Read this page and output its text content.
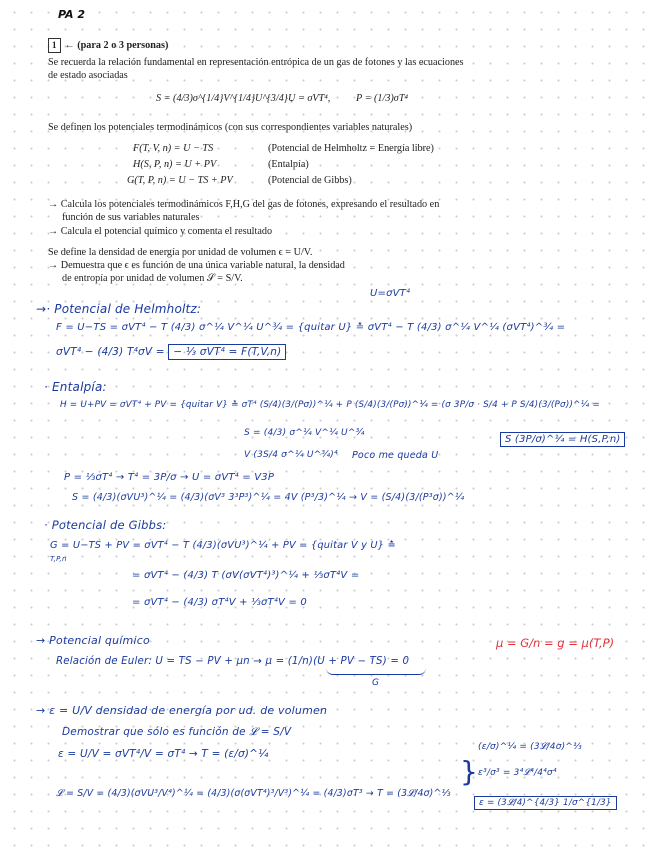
PA 2
1 ← (para 2 o 3 personas)
Se recuerda la relación fundamental en representación entrópica de un gas de fotones y las ecuaciones
de estado asociadas
S = (4/3)σ^{1/4}V^{1/4}U^{3/4} ,
U = σVT⁴,	P = (1/3)σT⁴
Se definen los potenciales termodinámicos (con sus correspondientes variables naturales)
F(T, V, n) = U − TS	(Potencial de Helmholtz = Energía libre)
H(S, P, n) = U + PV	(Entalpía)
G(T, P, n) = U − TS + PV	(Potencial de Gibbs)
→ Calcula los potenciales termodinámicos F,H,G del gas de fotones, expresando el resultado en
función de sus variables naturales
→ Calcula el potencial químico y comenta el resultado
Se define la densidad de energía por unidad de volumen ϵ = U/V.
→ Demuestra que ϵ es función de una única variable natural, la densidad
de entropía por unidad de volumen 𝒮 = S/V.
U=σVT⁴
→· Potencial de Helmholtz:
F = U−TS = σVT⁴ − T (4/3) σ^¼ V^¼ U^¾ = {quitar U} ≛ σVT⁴ − T (4/3) σ^¼ V^¼ (σVT⁴)^¾ =
σVT⁴ − (4/3) T⁴σV = − ⅓ σVT⁴ = F(T,V,n)
· Entalpía:
H = U+PV = σVT⁴ + PV = {quitar V} ≛ σT⁴ (S/4)(3/(Pσ))^¼ + P (S/4)(3/(Pσ))^¼ = (σ 3P/σ · S/4 + P S/4)(3/(Pσ))^¼ =
S = (4/3) σ^¼ V^¼ U^¾
V (3S/4 σ^¼ U^¾)⁴ Poco me queda U
S (3P/σ)^¼ = H(S,P,n)
P = ⅓σT⁴ → T⁴ = 3P/σ → U = σVT⁴ = V3P
S = (4/3)(σVU³)^¼ = (4/3)(σV³ 3³P³)^¼ = 4V (P³/3)^¼ → V = (S/4)(3/(P³σ))^¼
· Potencial de Gibbs:
G = U−TS + PV = σVT⁴ − T (4/3)(σVU³)^¼ + PV = {quitar V y U} ≛
T,P,n
= σVT⁴ − (4/3) T (σV(σVT⁴)³)^¼ + ⅓σT⁴V =
= σVT⁴ − (4/3) σT⁴V + ⅓σT⁴V = 0
→ Potencial químico	μ = G/n = g = μ(T,P)
Relación de Euler: U = TS − PV + μn → μ = (1/n)(U + PV − TS) = 0
G
→ ε = U/V densidad de energía por ud. de volumen
Demostrar que sólo es función de 𝓛 = S/V
ε = U/V = σVT⁴/V = σT⁴ → T = (ε/σ)^¼
𝓛 = S/V = (4/3)(σVU³/V⁴)^¼ = (4/3)(σ(σVT⁴)³/V³)^¼ = (4/3)σT³ → T = (3𝓛/4σ)^⅓
}
(ε/σ)^¼ = (3𝓛/4σ)^⅓
ε³/σ³ = 3⁴𝓛⁴/4⁴σ⁴
ε = (3𝓛/4)^{4/3} 1/σ^{1/3}
